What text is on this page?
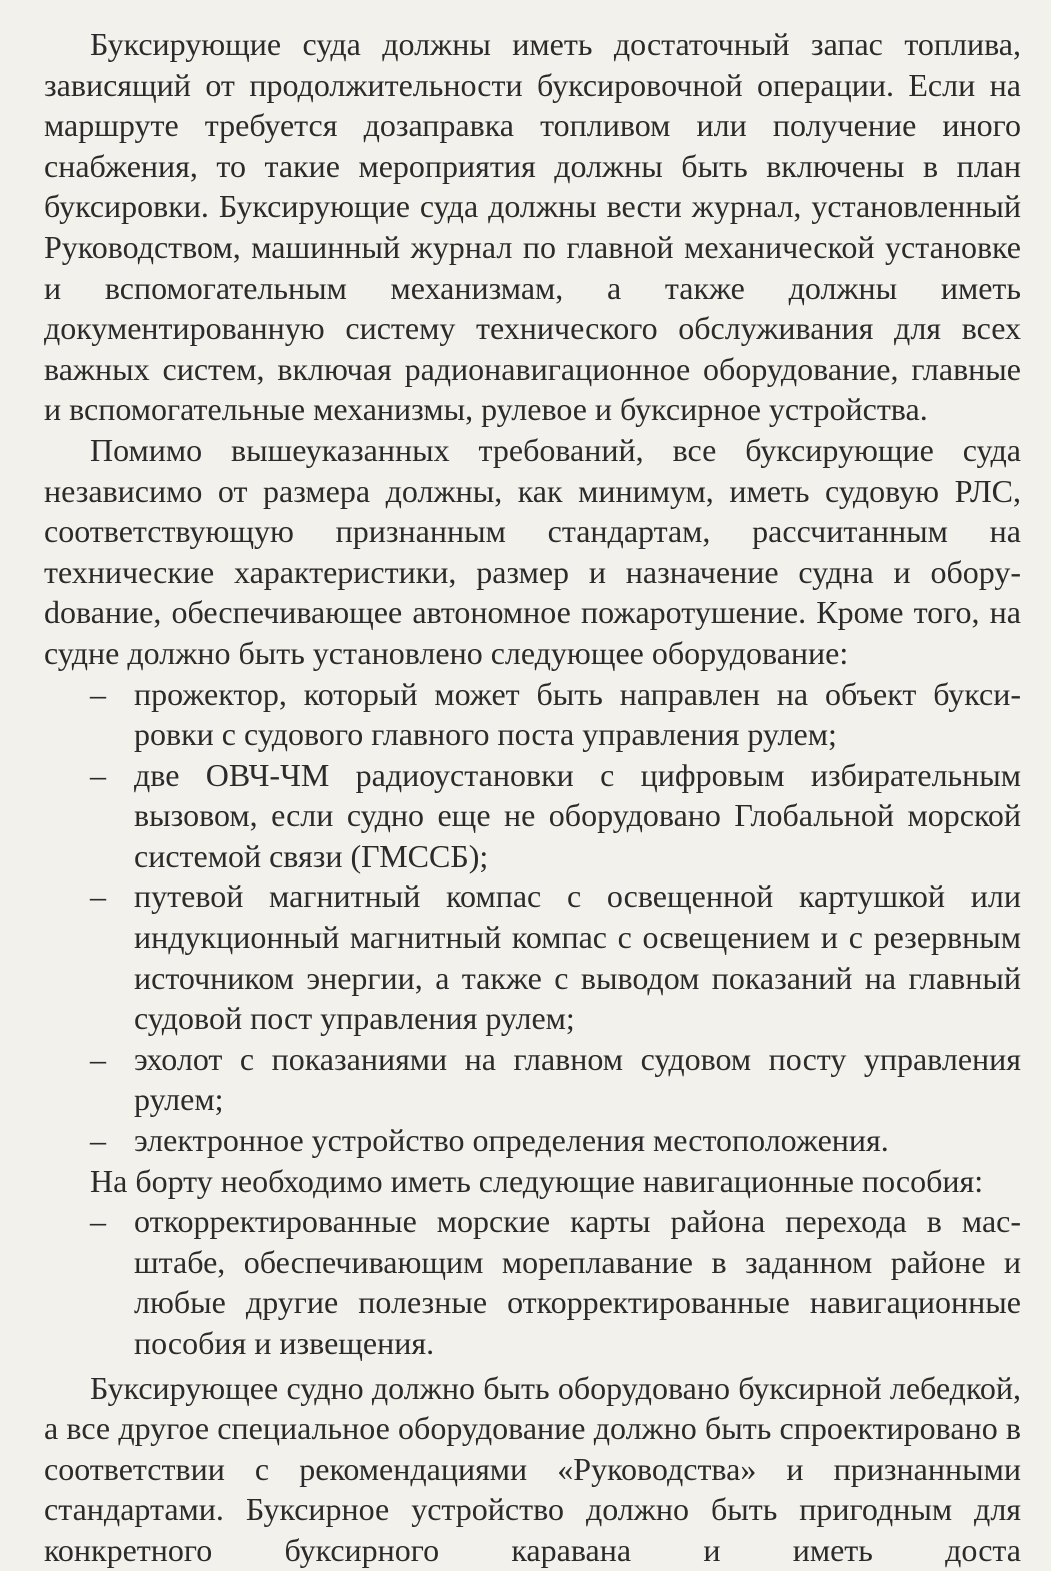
Буксирующие суда должны иметь достаточный запас топлива, зависящий от продолжительности буксировочной операции. Если на маршруте требуется дозаправка топливом или получение иного снабжения, то такие мероприятия должны быть включены в план буксировки. Буксирующие суда должны вести журнал, установленный Руководством, машинный журнал по главной механической установке и вспомогательным механизмам, а также должны иметь документированную систему технического обслуживания для всех важных систем, включая радионавигационное оборудование, главные и вспомогательные механизмы, рулевое и буксирное устройства.

Помимо вышеуказанных требований, все буксирующие суда независимо от размера должны, как минимум, иметь судовую РЛС, соответствующую признанным стандартам, рассчитанным на технические характеристики, размер и назначение судна и оборуdование, обеспечивающее автономное пожаротушение. Кроме того, на судне должно быть установлено следующее оборудование:

– прожектор, который может быть направлен на объект буксировки с судового главного поста управления рулем;
– две ОВЧ-ЧМ радиоустановки с цифровым избирательным вызовом, если судно еще не оборудовано Глобальной морской системой связи (ГМССБ);
– путевой магнитный компас с освещенной картушкой или индукционный магнитный компас с освещением и с резервным источником энергии, а также с выводом показаний на главный судовой пост управления рулем;
– эхолот с показаниями на главном судовом посту управления рулем;
– электронное устройство определения местоположения.

На борту необходимо иметь следующие навигационные пособия:

– откорректированные морские карты района перехода в масштабе, обеспечивающим мореплавание в заданном районе и любые другие полезные откорректированные навигационные пособия и извещения.

Буксирующее судно должно быть оборудовано буксирной лебедкой, а все другое специальное оборудование должно быть спроектировано в соответствии с рекомендациями «Руководства» и признанными стандартами. Буксирное устройство должно быть пригодным для конкретного буксирного каравана и иметь доста
